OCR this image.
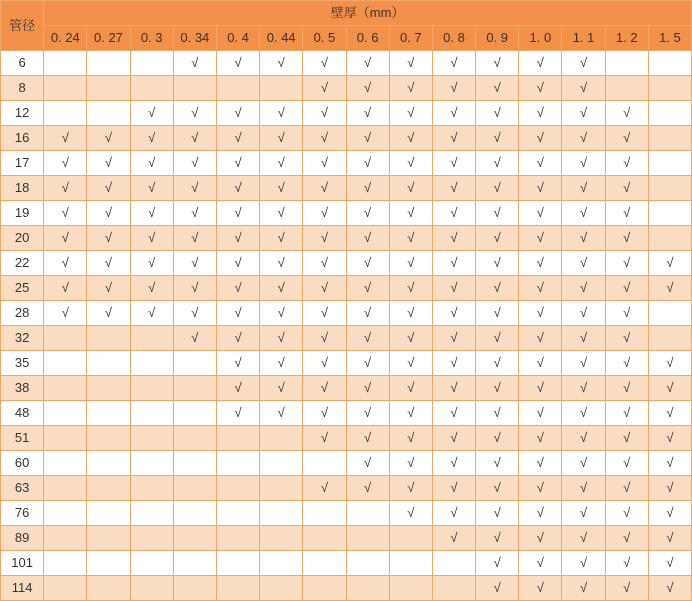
管径	壁厚（mm）														
	0. 24	0. 27	0. 3	0. 34	0. 4	0. 44	0. 5	0. 6	0. 7	0. 8	0. 9	1. 0	1. 1	1. 2	1. 5
6				√	√	√	√	√	√	√	√	√	√		
8							√	√	√	√	√	√	√		
12			√	√	√	√	√	√	√	√	√	√	√	√	
16	√	√	√	√	√	√	√	√	√	√	√	√	√	√	
17	√	√	√	√	√	√	√	√	√	√	√	√	√	√	
18	√	√	√	√	√	√	√	√	√	√	√	√	√	√	
19	√	√	√	√	√	√	√	√	√	√	√	√	√	√	
20	√	√	√	√	√	√	√	√	√	√	√	√	√	√	
22	√	√	√	√	√	√	√	√	√	√	√	√	√	√	√
25	√	√	√	√	√	√	√	√	√	√	√	√	√	√	√
28	√	√	√	√	√	√	√	√	√	√	√	√	√	√	
32				√	√	√	√	√	√	√	√	√	√	√	
35					√	√	√	√	√	√	√	√	√	√	√
38					√	√	√	√	√	√	√	√	√	√	√
48					√	√	√	√	√	√	√	√	√	√	√
51							√	√	√	√	√	√	√	√	√
60								√	√	√	√	√	√	√	√
63							√	√	√	√	√	√	√	√	√
76									√	√	√	√	√	√	√
89										√	√	√	√	√	√
101											√	√	√	√	√
114											√	√	√	√	√
